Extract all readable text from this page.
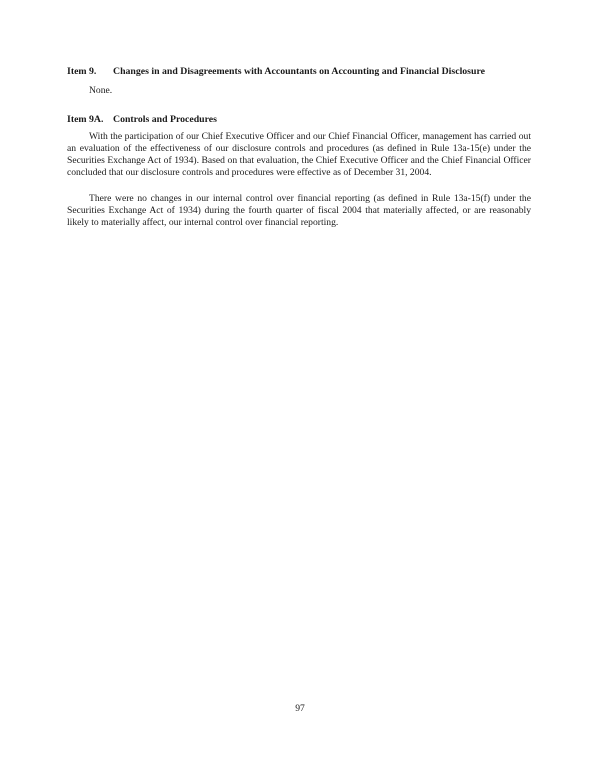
Item 9.	Changes in and Disagreements with Accountants on Accounting and Financial Disclosure
None.
Item 9A. Controls and Procedures

With the participation of our Chief Executive Officer and our Chief Financial Officer, management has carried out an evaluation of the effectiveness of our disclosure controls and procedures (as defined in Rule 13a-15(e) under the Securities Exchange Act of 1934). Based on that evaluation, the Chief Executive Officer and the Chief Financial Officer concluded that our disclosure controls and procedures were effective as of December 31, 2004.

There were no changes in our internal control over financial reporting (as defined in Rule 13a-15(f) under the Securities Exchange Act of 1934) during the fourth quarter of fiscal 2004 that materially affected, or are reasonably likely to materially affect, our internal control over financial reporting.

97
